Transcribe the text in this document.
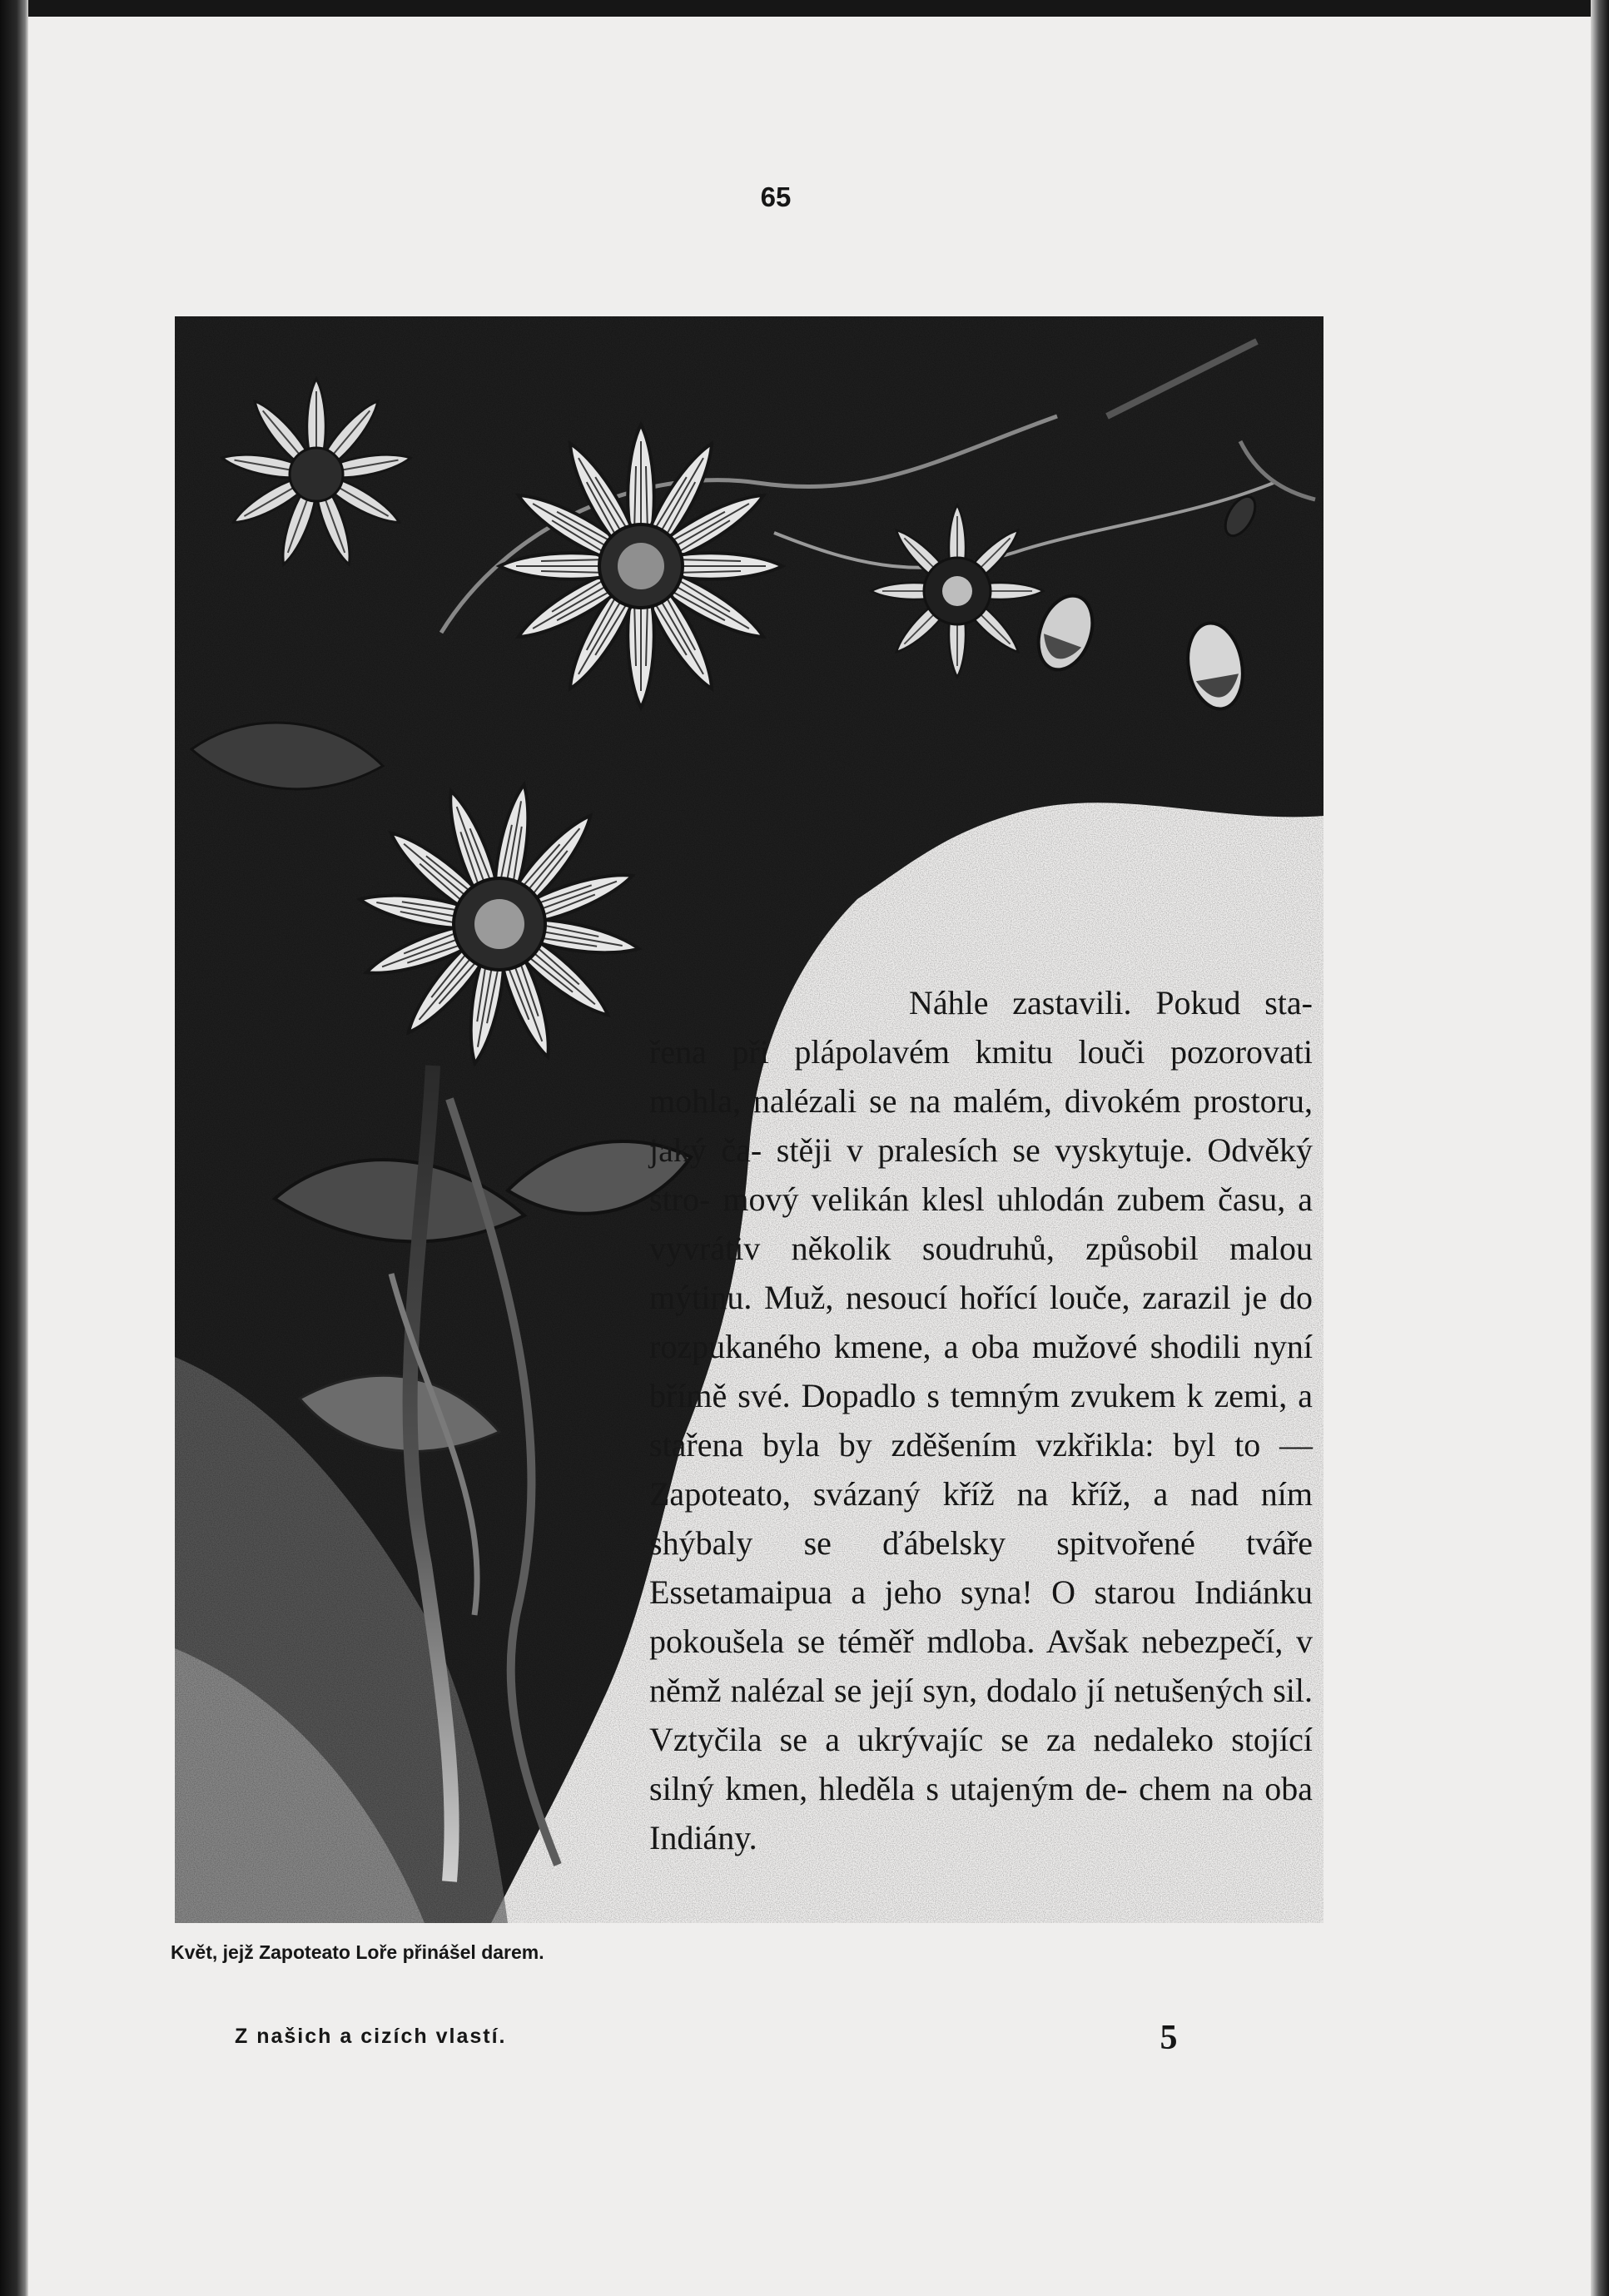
65
Květ, jejž Zapoteato Loře přinášel darem.

Náhle zastavili. Pokud sta- řena při plápolavém kmitu louči pozorovati mohla, nalézali se na malém, divokém prostoru, jaký ča- stěji v pralesích se vyskytuje. Odvěký stro- mový velikán klesl uhlodán zubem času, a vyvrátiv několik soudruhů, způsobil malou mýtinu. Muž, nesoucí hořící louče, zarazil je do rozpukaného kmene, a oba mužové shodili nyní břímě své. Dopadlo s temným zvukem k zemi, a stařena byla by zděšením vzkřikla: byl to —Zapoteato, svázaný kříž na kříž, a nad ním shýbaly se ďábelsky spitvořené tváře Essetamaipua a jeho syna! O starou Indiánku pokoušela se téměř mdloba. Avšak nebezpečí, v němž nalézal se její syn, dodalo jí netušených sil. Vztyčila se a ukrývajíc se za nedaleko stojící silný kmen, hleděla s utajeným de- chem na oba Indiány.

Z našich a cizích vlastí.	5
